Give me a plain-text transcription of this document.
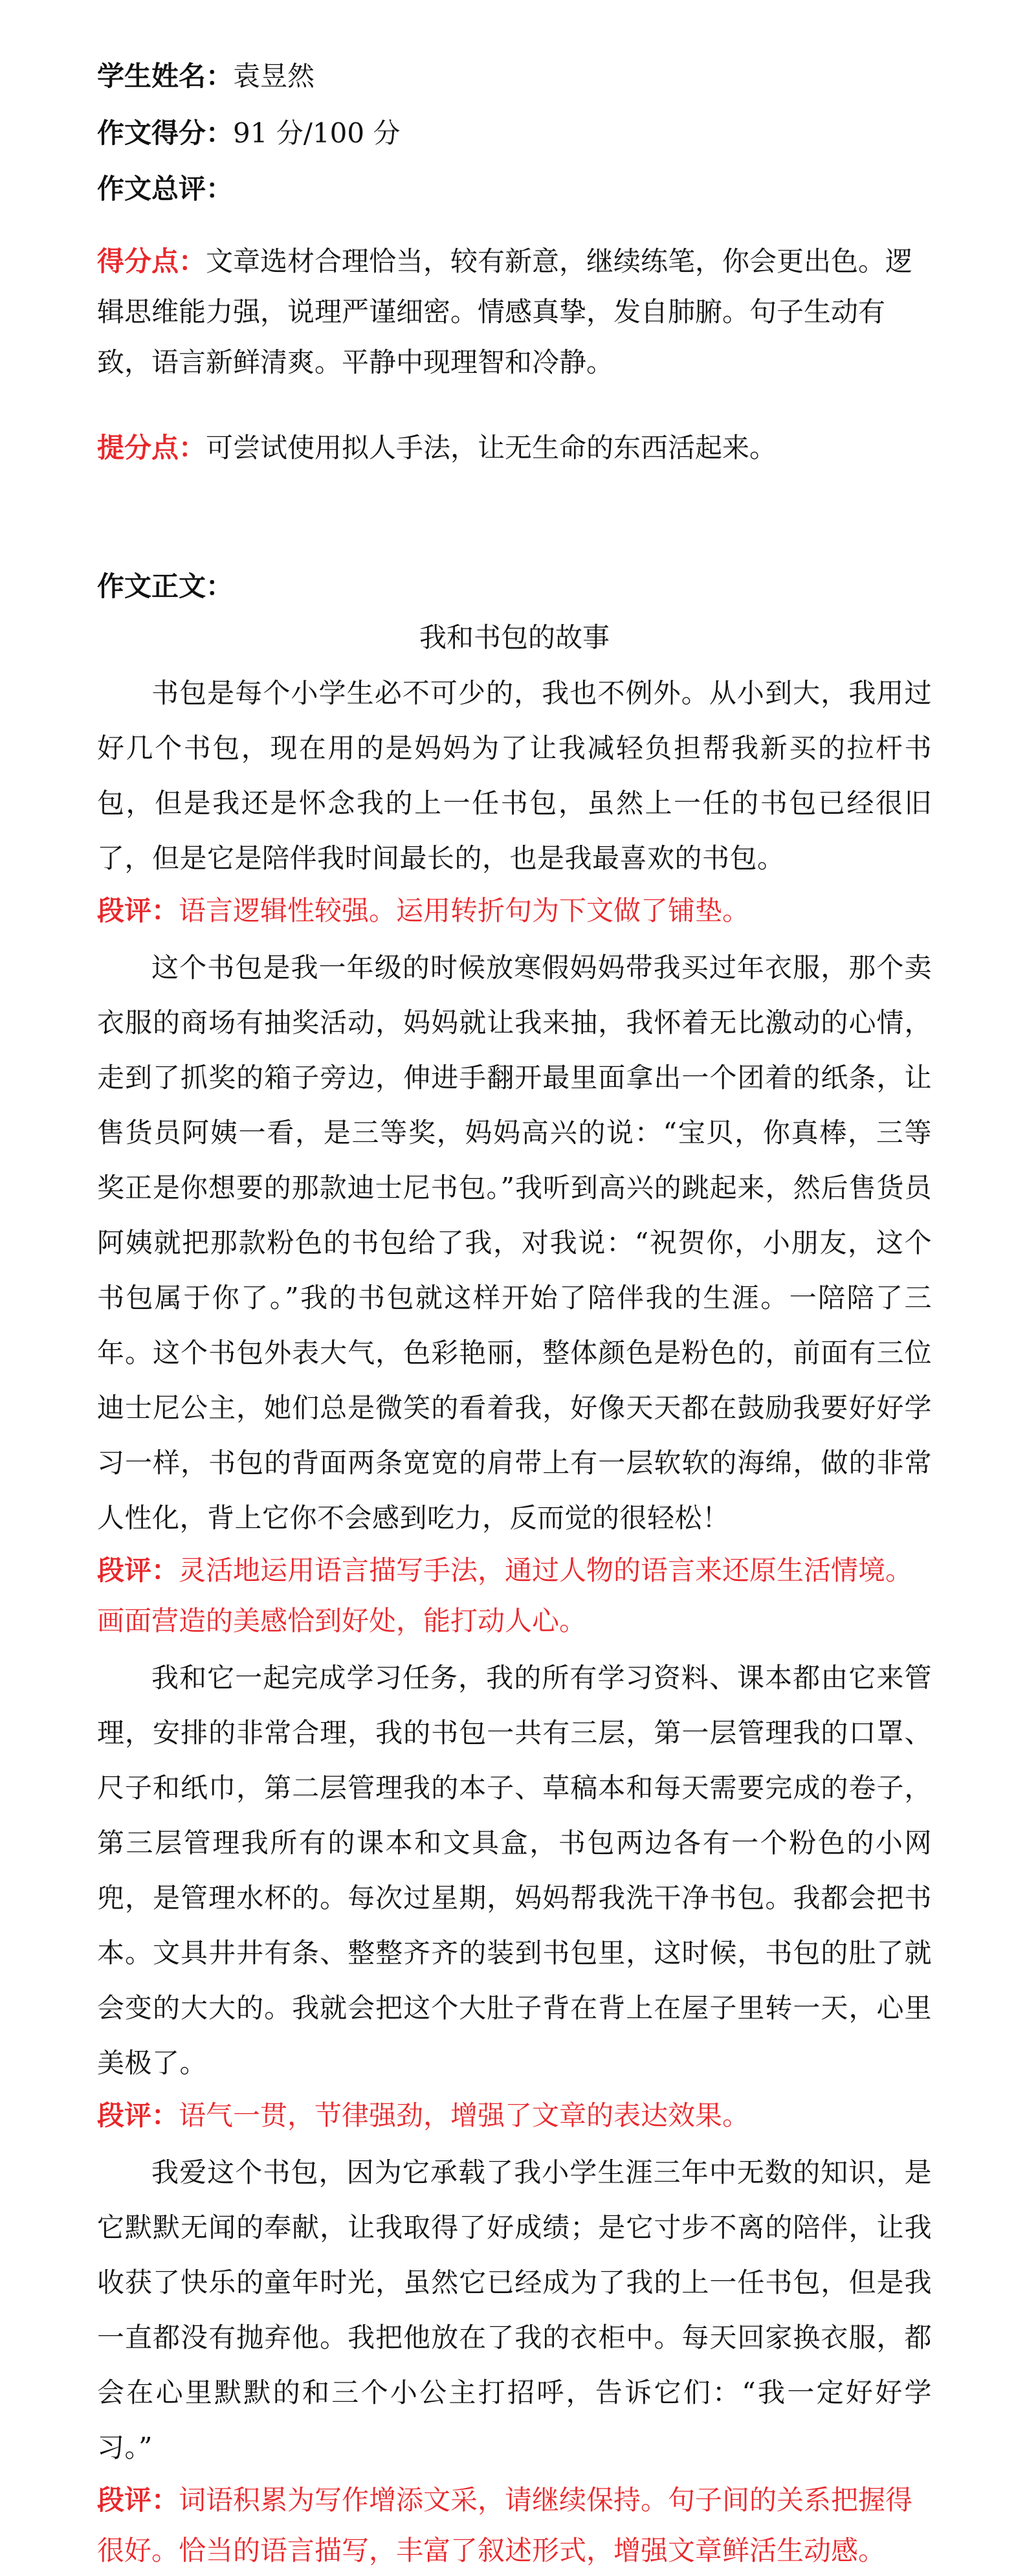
学生姓名：袁昱然
作文得分：91 分/100 分
作文总评：
得分点：文章选材合理恰当，较有新意，继续练笔，你会更出色。逻辑思维能力强，说理严谨细密。情感真挚，发自肺腑。句子生动有致，语言新鲜清爽。平静中现理智和冷静。
提分点：可尝试使用拟人手法，让无生命的东西活起来。
作文正文：
我和书包的故事
书包是每个小学生必不可少的，我也不例外。从小到大，我用过好几个书包，现在用的是妈妈为了让我减轻负担帮我新买的拉杆书包，但是我还是怀念我的上一任书包，虽然上一任的书包已经很旧了，但是它是陪伴我时间最长的，也是我最喜欢的书包。
段评：语言逻辑性较强。运用转折句为下文做了铺垫。
这个书包是我一年级的时候放寒假妈妈带我买过年衣服，那个卖衣服的商场有抽奖活动，妈妈就让我来抽，我怀着无比激动的心情，走到了抓奖的箱子旁边，伸进手翻开最里面拿出一个团着的纸条，让售货员阿姨一看，是三等奖，妈妈高兴的说：“宝贝，你真棒，三等奖正是你想要的那款迪士尼书包。”我听到高兴的跳起来，然后售货员阿姨就把那款粉色的书包给了我，对我说：“祝贺你，小朋友，这个书包属于你了。”我的书包就这样开始了陪伴我的生涯。一陪陪了三年。这个书包外表大气，色彩艳丽，整体颜色是粉色的，前面有三位迪士尼公主，她们总是微笑的看着我，好像天天都在鼓励我要好好学习一样，书包的背面两条宽宽的肩带上有一层软软的海绵，做的非常人性化，背上它你不会感到吃力，反而觉的很轻松！
段评：灵活地运用语言描写手法，通过人物的语言来还原生活情境。画面营造的美感恰到好处，能打动人心。
我和它一起完成学习任务，我的所有学习资料、课本都由它来管理，安排的非常合理，我的书包一共有三层，第一层管理我的口罩、尺子和纸巾，第二层管理我的本子、草稿本和每天需要完成的卷子，第三层管理我所有的课本和文具盒，书包两边各有一个粉色的小网兜，是管理水杯的。每次过星期，妈妈帮我洗干净书包。我都会把书本。文具井井有条、整整齐齐的装到书包里，这时候，书包的肚了就会变的大大的。我就会把这个大肚子背在背上在屋子里转一天，心里美极了。
段评：语气一贯，节律强劲，增强了文章的表达效果。
我爱这个书包，因为它承载了我小学生涯三年中无数的知识，是它默默无闻的奉献，让我取得了好成绩；是它寸步不离的陪伴，让我收获了快乐的童年时光，虽然它已经成为了我的上一任书包，但是我一直都没有抛弃他。我把他放在了我的衣柜中。每天回家换衣服，都会在心里默默的和三个小公主打招呼，告诉它们：“我一定好好学习。”
段评：词语积累为写作增添文采，请继续保持。句子间的关系把握得很好。恰当的语言描写，丰富了叙述形式，增强文章鲜活生动感。
